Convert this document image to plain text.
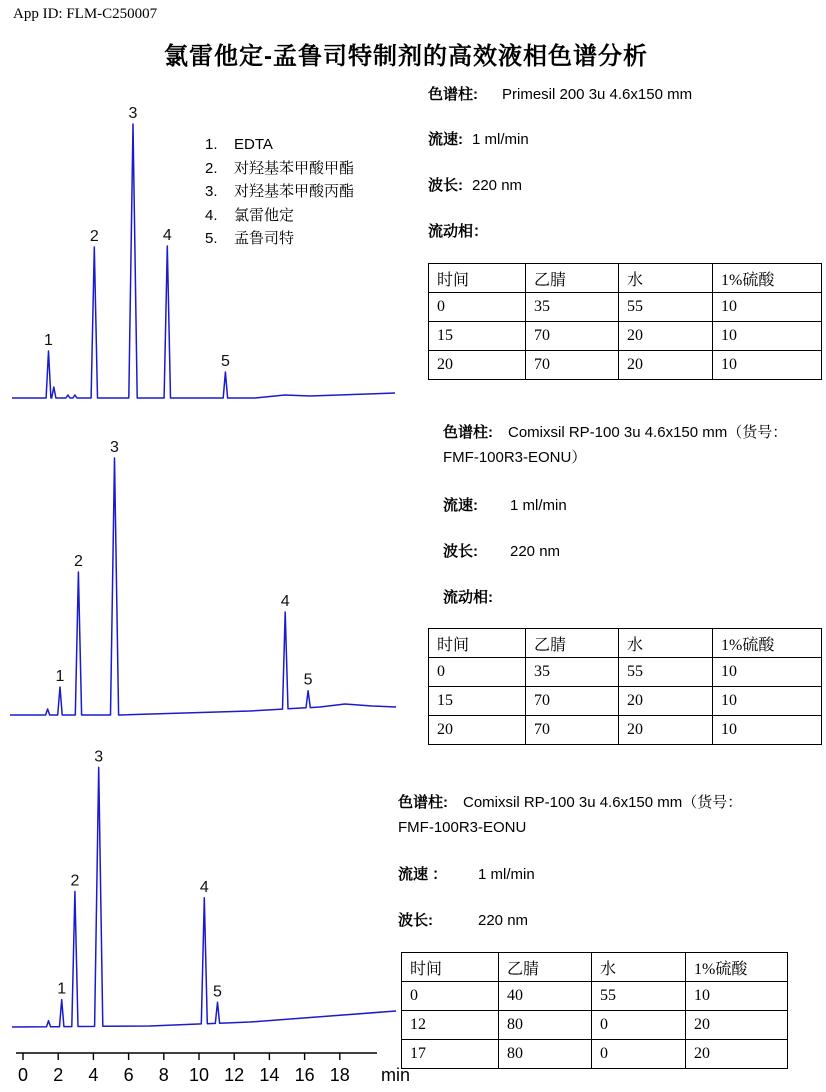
App ID: FLM-C250007
氯雷他定-孟鲁司特制剂的高效液相色谱分析
1
2
3
4
5
1
2
3
4
5
1
2
3
4
5
1. EDTA
2. 对羟基苯甲酸甲酯
3. 对羟基苯甲酸丙酯
4. 氯雷他定
5. 孟鲁司特
色谱柱: Primesil 200 3u 4.6x150 mm
流速: 1 ml/min
波长: 220 nm
流动相：
时间	乙腈	水	1%硫酸
0	35	55	10
15	70	20	10
20	70	20	10
色谱柱: Comixsil RP-100 3u 4.6x150 mm（货号：
FMF-100R3-EONU）
流速: 1 ml/min
波长: 220 nm
流动相:
时间	乙腈	水	1%硫酸
0	35	55	10
15	70	20	10
20	70	20	10
色谱柱: Comixsil RP-100 3u 4.6x150 mm（货号：
FMF-100R3-EONU
流速 ： 1 ml/min
波长:	220 nm
时间	乙腈	水	1%硫酸
0	40	55	10
12	80	0	20
17	80	0	20
0 2 4 6 8 10 12 14 16 18 min
